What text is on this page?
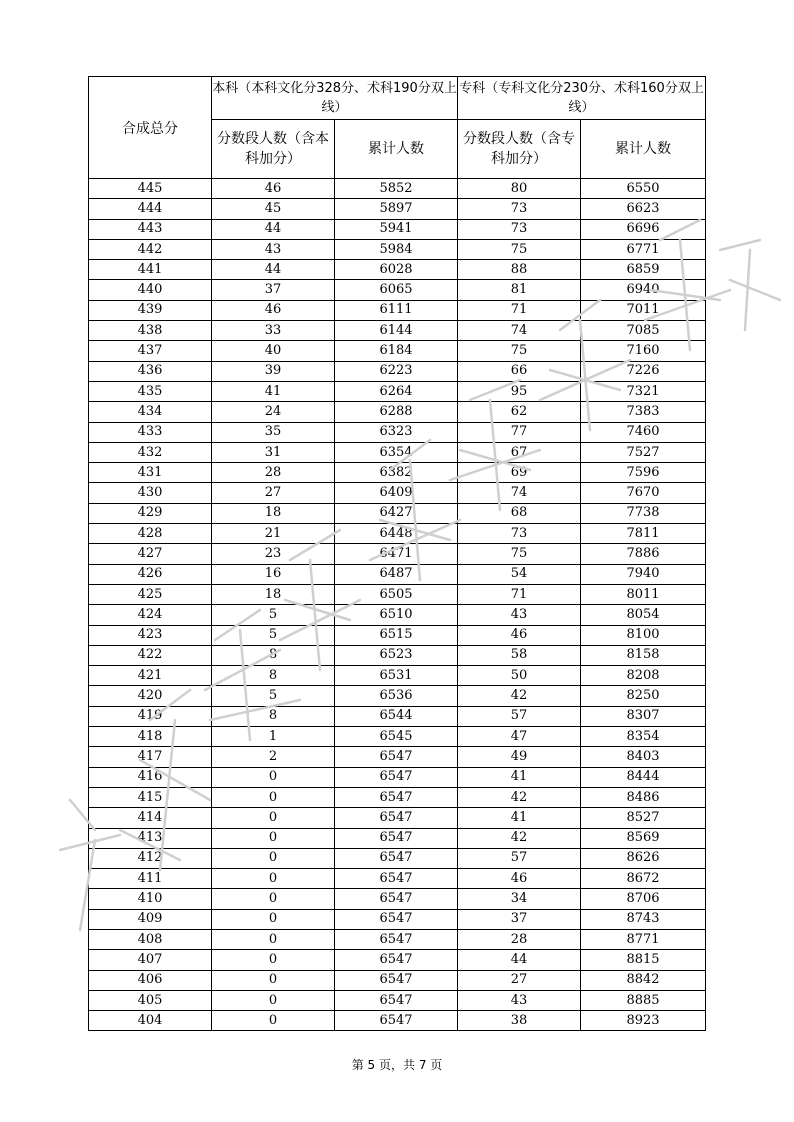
合成总分	本科（本科文化分328分、术科190分双上线）		专科（专科文化分230分、术科160分双上线）	
	分数段人数（含本科加分）	累计人数	分数段人数（含专科加分）	累计人数
445	46	5852	80	6550
444	45	5897	73	6623
443	44	5941	73	6696
442	43	5984	75	6771
441	44	6028	88	6859
440	37	6065	81	6940
439	46	6111	71	7011
438	33	6144	74	7085
437	40	6184	75	7160
436	39	6223	66	7226
435	41	6264	95	7321
434	24	6288	62	7383
433	35	6323	77	7460
432	31	6354	67	7527
431	28	6382	69	7596
430	27	6409	74	7670
429	18	6427	68	7738
428	21	6448	73	7811
427	23	6471	75	7886
426	16	6487	54	7940
425	18	6505	71	8011
424	5	6510	43	8054
423	5	6515	46	8100
422	8	6523	58	8158
421	8	6531	50	8208
420	5	6536	42	8250
419	8	6544	57	8307
418	1	6545	47	8354
417	2	6547	49	8403
416	0	6547	41	8444
415	0	6547	42	8486
414	0	6547	41	8527
413	0	6547	42	8569
412	0	6547	57	8626
411	0	6547	46	8672
410	0	6547	34	8706
409	0	6547	37	8743
408	0	6547	28	8771
407	0	6547	44	8815
406	0	6547	27	8842
405	0	6547	43	8885
404	0	6547	38	8923
第 5 页，共 7 页
